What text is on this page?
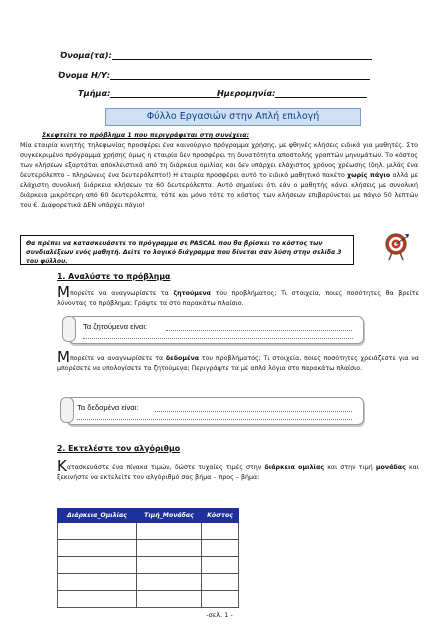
Όνομα(τα):
Όνομα Η/Υ:
Τμήμα:	Ημερομηνία:
Φύλλο Εργασιών στην Απλή επιλογή
Σκεφτείτε το πρόβλημα 1 που περιγράφεται στη συνέχεια:
Μία εταιρία κινητής τηλεφωνίας προσφέρει ένα καινούργιο πρόγραμμα χρήσης, με φθηνές κλήσεις ειδικά για μαθητές. Στο συγκεκριμένο πρόγραμμα χρήσης όμως η εταιρία δεν προσφέρει τη δυνατότητα αποστολής γραπτών μηνυμάτων. Το κόστος των κλήσεων εξαρτάται αποκλειστικά από τη διάρκεια ομιλίας και δεν υπάρχει ελάχιστος χρόνος χρέωσης (δηλ. μιλάς ένα δευτερόλεπτο – πληρώνεις ένα δευτερόλεπτο!) Η εταιρία προσφέρει αυτό το ειδικό μαθητικό πακέτο χωρίς πάγιο αλλά με ελάχιστη συνολική διάρκεια κλήσεων τα 60 δευτερόλεπτα. Αυτό σημαίνει ότι εάν ο μαθητής κάνει κλήσεις με συνολική διάρκεια μικρότερη από 60 δευτερόλεπτα, τότε και μόνο τότε το κόστος των κλήσεων επιβαρύνεται με πάγιο 50 λεπτών του €. Διαφορετικά ΔΕΝ υπάρχει πάγιο!
Θα πρέπει να κατασκευάσετε το πρόγραμμα σε PASCAL που θα βρίσκει το κόστος των συνδιαλέξεων ενός μαθητή. Δείτε το λογικό διάγραμμα που δίνεται σαν λύση στην σελίδα 3 του φύλλου.
1. Αναλύστε το πρόβλημα
Μπορείτε να αναγνωρίσετε τα ζητούμενα του προβλήματος; Τι στοιχεία, ποιες ποσότητες θα βρείτε λύνοντας το πρόβλημα; Γράψτε τα στο παρακάτω πλαίσιο.
Τα ζητούμενα είναι:
Μπορείτε να αναγνωρίσετε τα δεδομένα του προβλήματος; Τι στοιχεία, ποιες ποσότητες χρειάζεστε για να μπορέσετε να υπολογίσετε τα ζητούμενα; Περιγράψτε τα με απλά λόγια στο παρακάτω πλαίσιο.
Τα δεδομένα είναι:
2. Εκτελέστε τον αλγόριθμο
Κατασκευάστε ένα πίνακα τιμών, δώστε τυχαίες τιμές στην διάρκεια ομιλίας και στην τιμή μονάδας και ξεκινήστε να εκτελείτε τον αλγόριθμό σας βήμα – προς – βήμα:
Διάρκεια_Ομιλίας	Τιμή_Μονάδας	Κόστος

-σελ. 1 -
